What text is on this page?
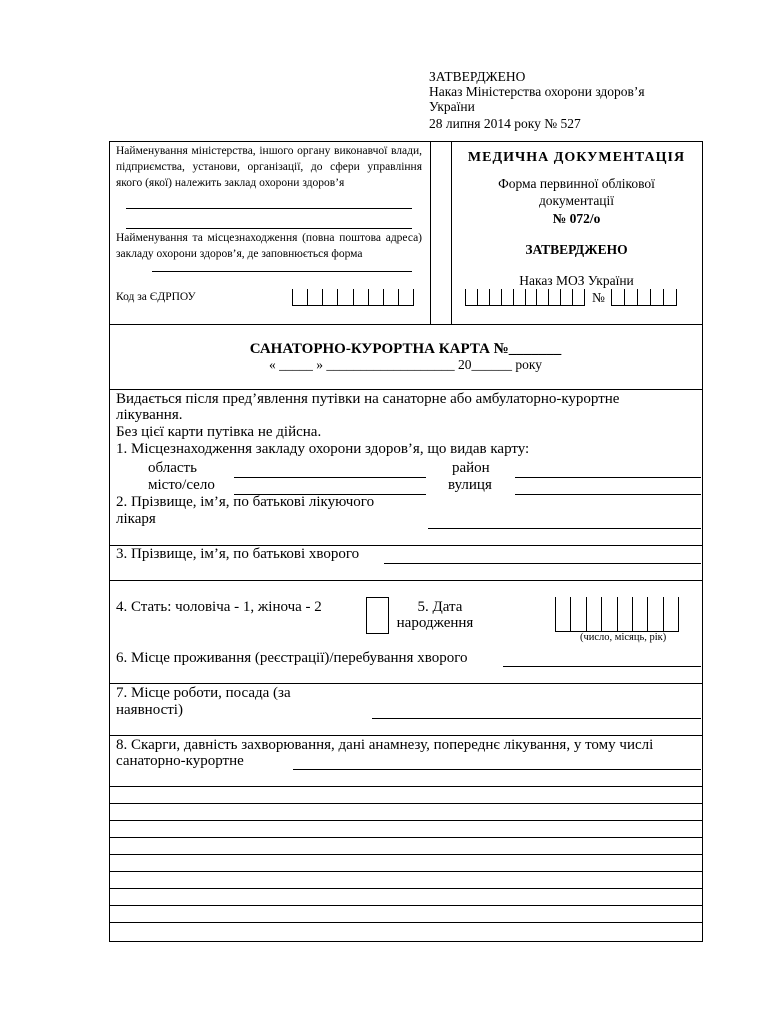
ЗАТВЕРДЖЕНО
Наказ Міністерства охорони здоров’я
України
28 липня 2014 року № 527
Найменування міністерства, іншого органу виконавчої влади, підприємства, установи, організації, до сфери управління якого (якої) належить заклад охорони здоров’я
Найменування та місцезнаходження (повна поштова адреса) закладу охорони здоров’я, де заповнюється форма
Код за ЄДРПОУ
МЕДИЧНА ДОКУМЕНТАЦІЯ
Форма первинної облікової
документації
№ 072/о
ЗАТВЕРДЖЕНО
Наказ МОЗ України
№
САНАТОРНО-КУРОРТНА КАРТА №_______
« _____ » ___________________ 20______ року
Видається після пред’явлення путівки на санаторне або амбулаторно-курортне
лікування.
Без цієї карти путівка не дійсна.
1. Місцезнаходження закладу охорони здоров’я, що видав карту:
область	район
місто/село	вулиця
2. Прізвище, ім’я, по батькові лікуючого
лікаря
3. Прізвище, ім’я, по батькові хворого
4. Стать: чоловіча - 1, жіноча - 2	5. Дата
народження
(число, місяць, рік)
6. Місце проживання (реєстрації)/перебування хворого
7. Місце роботи, посада (за
наявності)
8. Скарги, давність захворювання, дані анамнезу, попереднє лікування, у тому числі
санаторно-курортне
